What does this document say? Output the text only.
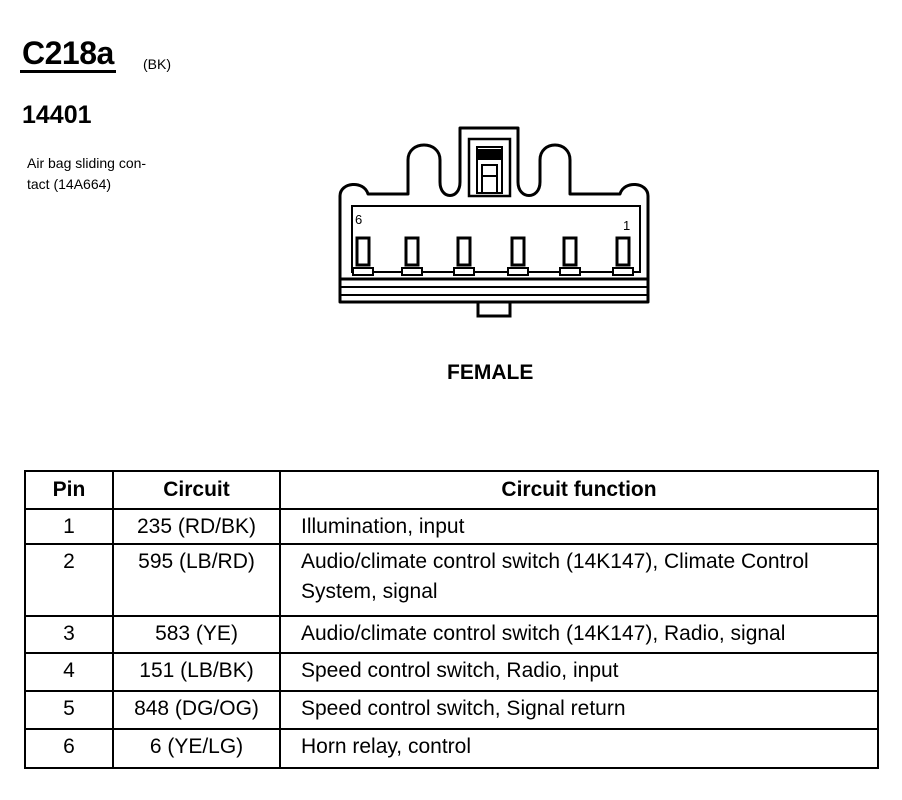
C218a (BK)
14401
Air bag sliding con-
tact (14A664)
6	1
FEMALE
Pin	Circuit	Circuit function
1	235 (RD/BK)	Illumination, input
2	595 (LB/RD)	Audio/climate control switch (14K147), Climate Control System, signal
3	583 (YE)	Audio/climate control switch (14K147), Radio, signal
4	151 (LB/BK)	Speed control switch, Radio, input
5	848 (DG/OG)	Speed control switch, Signal return
6	6 (YE/LG)	Horn relay, control
